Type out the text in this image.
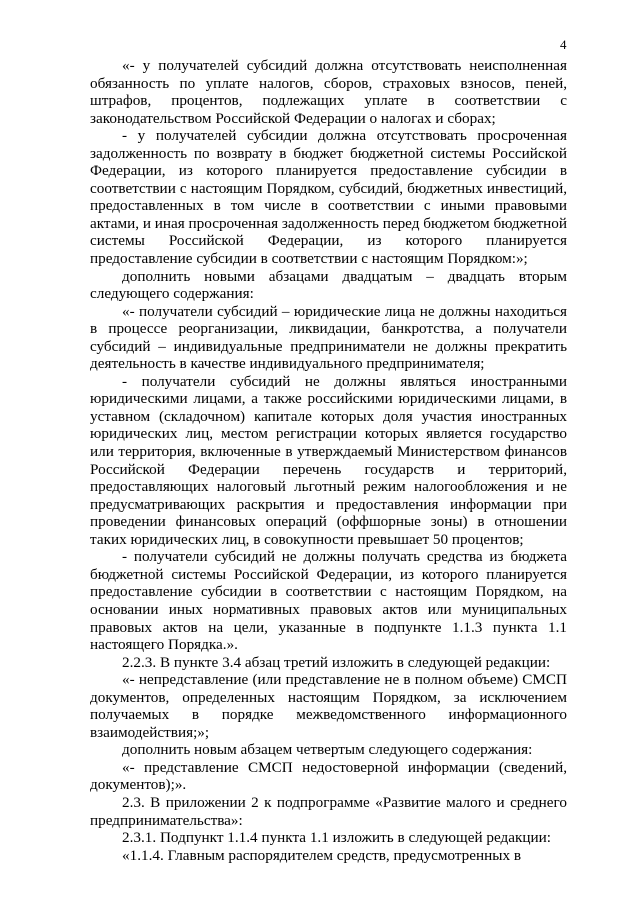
4

«- у получателей субсидий должна отсутствовать неисполненная обязанность по уплате налогов, сборов, страховых взносов, пеней, штрафов, процентов, подлежащих уплате в соответствии с законодательством Российской Федерации о налогах и сборах;

- у получателей субсидии должна отсутствовать просроченная задолженность по возврату в бюджет бюджетной системы Российской Федерации, из которого планируется предоставление субсидии в соответствии с настоящим Порядком, субсидий, бюджетных инвестиций, предоставленных в том числе в соответствии с иными правовыми актами, и иная просроченная задолженность перед бюджетом бюджетной системы Российской Федерации, из которого планируется предоставление субсидии в соответствии с настоящим Порядком:»;

дополнить новыми абзацами двадцатым – двадцать вторым следующего содержания:

«- получатели субсидий – юридические лица не должны находиться в процессе реорганизации, ликвидации, банкротства, а получатели субсидий – индивидуальные предприниматели не должны прекратить деятельность в качестве индивидуального предпринимателя;

- получатели субсидий не должны являться иностранными юридическими лицами, а также российскими юридическими лицами, в уставном (складочном) капитале которых доля участия иностранных юридических лиц, местом регистрации которых является государство или территория, включенные в утверждаемый Министерством финансов Российской Федерации перечень государств и территорий, предоставляющих налоговый льготный режим налогообложения и не предусматривающих раскрытия и предоставления информации при проведении финансовых операций (оффшорные зоны) в отношении таких юридических лиц, в совокупности превышает 50 процентов;

- получатели субсидий не должны получать средства из бюджета бюджетной системы Российской Федерации, из которого планируется предоставление субсидии в соответствии с настоящим Порядком, на основании иных нормативных правовых актов или муниципальных правовых актов на цели, указанные в подпункте 1.1.3 пункта 1.1 настоящего Порядка.».

2.2.3. В пункте 3.4 абзац третий изложить в следующей редакции:

«- непредставление (или представление не в полном объеме) СМСП документов, определенных настоящим Порядком, за исключением получаемых в порядке межведомственного информационного взаимодействия;»;

дополнить новым абзацем четвертым следующего содержания:

«- представление СМСП недостоверной информации (сведений, документов);».

2.3. В приложении 2 к подпрограмме «Развитие малого и среднего предпринимательства»:

2.3.1. Подпункт 1.1.4 пункта 1.1 изложить в следующей редакции:

«1.1.4. Главным распорядителем средств, предусмотренных в
